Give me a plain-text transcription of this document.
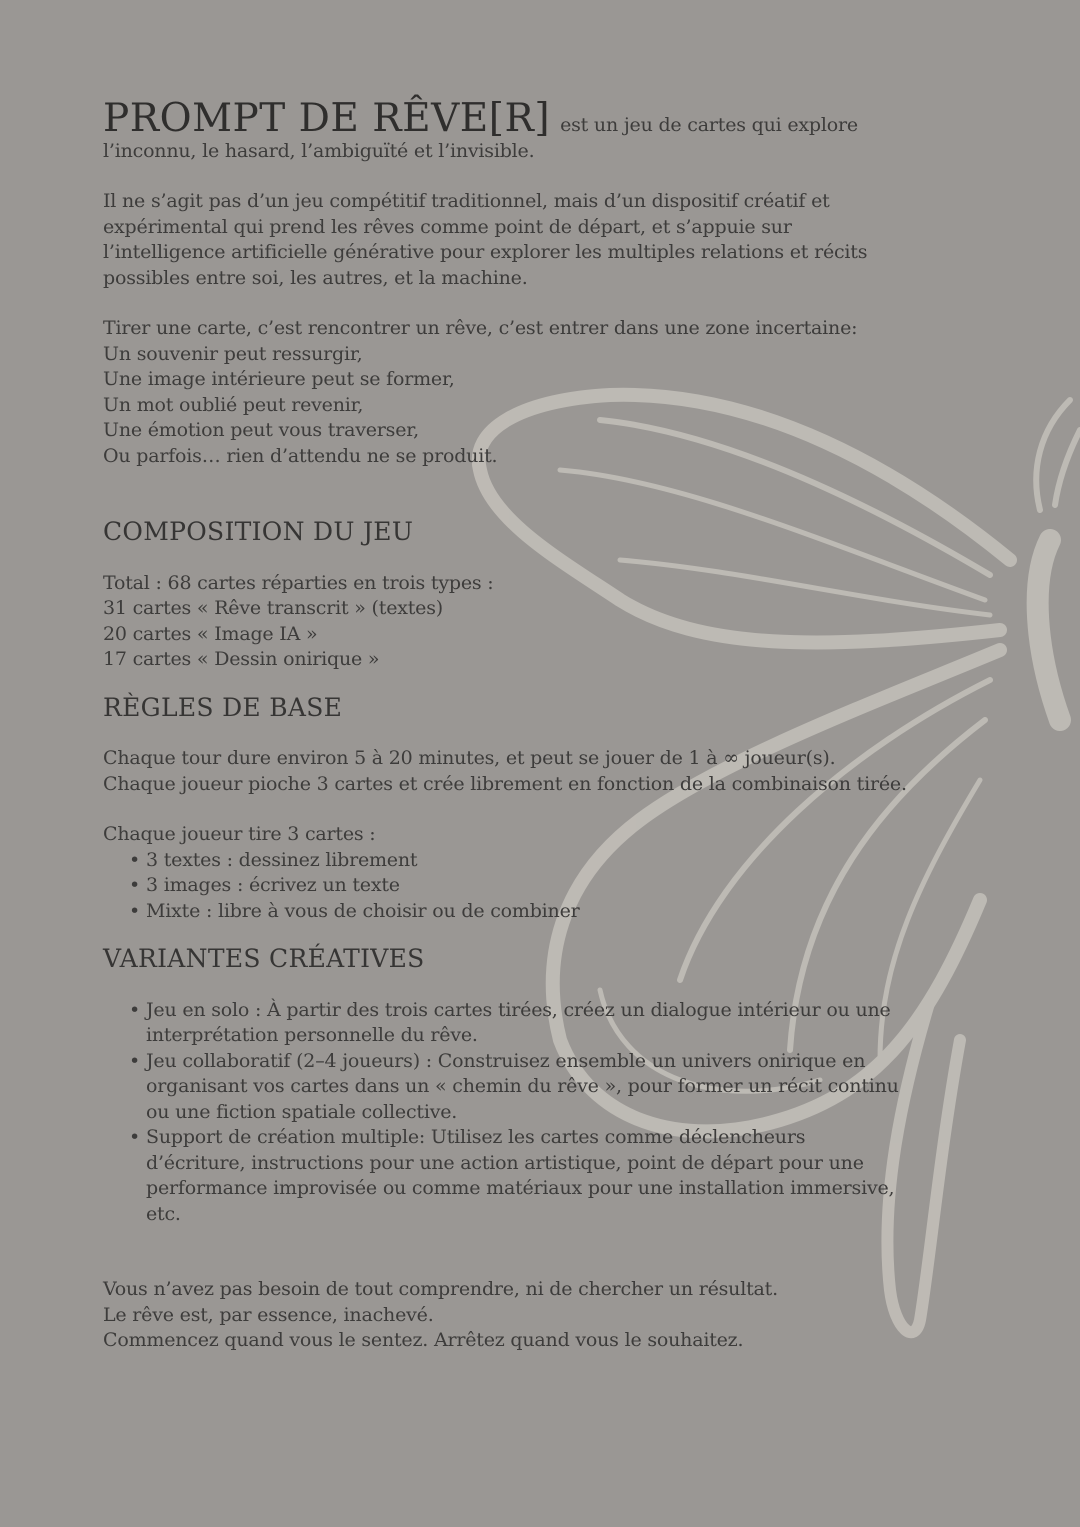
PROMPT DE RÊVE[R] est un jeu de cartes qui explore

l’inconnu, le hasard, l’ambiguïté et l’invisible.

Il ne s’agit pas d’un jeu compétitif traditionnel, mais d’un dispositif créatif et

expérimental qui prend les rêves comme point de départ, et s’appuie sur

l’intelligence artificielle générative pour explorer les multiples relations et récits

possibles entre soi, les autres, et la machine.

Tirer une carte, c’est rencontrer un rêve, c’est entrer dans une zone incertaine:

Un souvenir peut ressurgir,

Une image intérieure peut se former,

Un mot oublié peut revenir,

Une émotion peut vous traverser,

Ou parfois… rien d’attendu ne se produit.

COMPOSITION DU JEU

Total : 68 cartes réparties en trois types :

31 cartes « Rêve transcrit » (textes)

20 cartes « Image IA »

17 cartes « Dessin onirique »

RÈGLES DE BASE

Chaque tour dure environ 5 à 20 minutes, et peut se jouer de 1 à ∞ joueur(s).

Chaque joueur pioche 3 cartes et crée librement en fonction de la combinaison tirée.

Chaque joueur tire 3 cartes :

• 3 textes : dessinez librement
• 3 images : écrivez un texte
• Mixte : libre à vous de choisir ou de combiner
VARIANTES CRÉATIVES
• Jeu en solo : À partir des trois cartes tirées, créez un dialogue intérieur ou une
interprétation personnelle du rêve.
• Jeu collaboratif (2–4 joueurs) : Construisez ensemble un univers onirique en
organisant vos cartes dans un « chemin du rêve », pour former un récit continu
ou une fiction spatiale collective.
• Support de création multiple: Utilisez les cartes comme déclencheurs
d’écriture, instructions pour une action artistique, point de départ pour une
performance improvisée ou comme matériaux pour une installation immersive,
etc.

Vous n’avez pas besoin de tout comprendre, ni de chercher un résultat.

Le rêve est, par essence, inachevé.

Commencez quand vous le sentez. Arrêtez quand vous le souhaitez.
